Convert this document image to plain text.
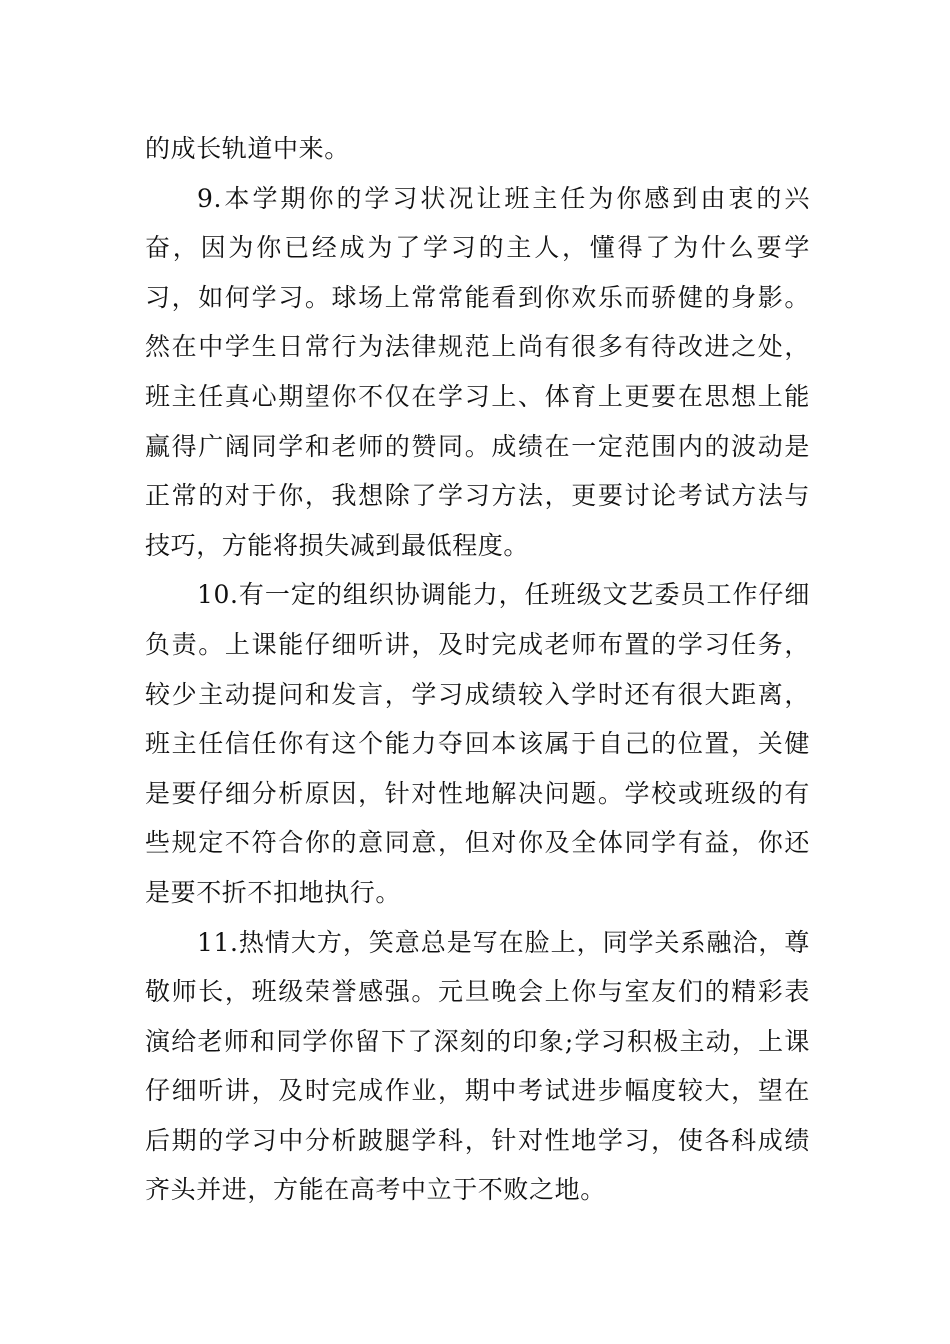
的成长轨道中来。

9.本学期你的学习状况让班主任为你感到由衷的兴奋，因为你已经成为了学习的主人，懂得了为什么要学习，如何学习。球场上常常能看到你欢乐而骄健的身影。然在中学生日常行为法律规范上尚有很多有待改进之处，班主任真心期望你不仅在学习上、体育上更要在思想上能赢得广阔同学和老师的赞同。成绩在一定范围内的波动是正常的对于你，我想除了学习方法，更要讨论考试方法与技巧，方能将损失减到最低程度。

10.有一定的组织协调能力，任班级文艺委员工作仔细负责。上课能仔细听讲，及时完成老师布置的学习任务，较少主动提问和发言，学习成绩较入学时还有很大距离，班主任信任你有这个能力夺回本该属于自己的位置，关健是要仔细分析原因，针对性地解决问题。学校或班级的有些规定不符合你的意同意，但对你及全体同学有益，你还是要不折不扣地执行。

11.热情大方，笑意总是写在脸上，同学关系融洽，尊敬师长，班级荣誉感强。元旦晚会上你与室友们的精彩表演给老师和同学你留下了深刻的印象;学习积极主动，上课仔细听讲，及时完成作业，期中考试进步幅度较大，望在后期的学习中分析跛腿学科，针对性地学习，使各科成绩齐头并进，方能在高考中立于不败之地。
